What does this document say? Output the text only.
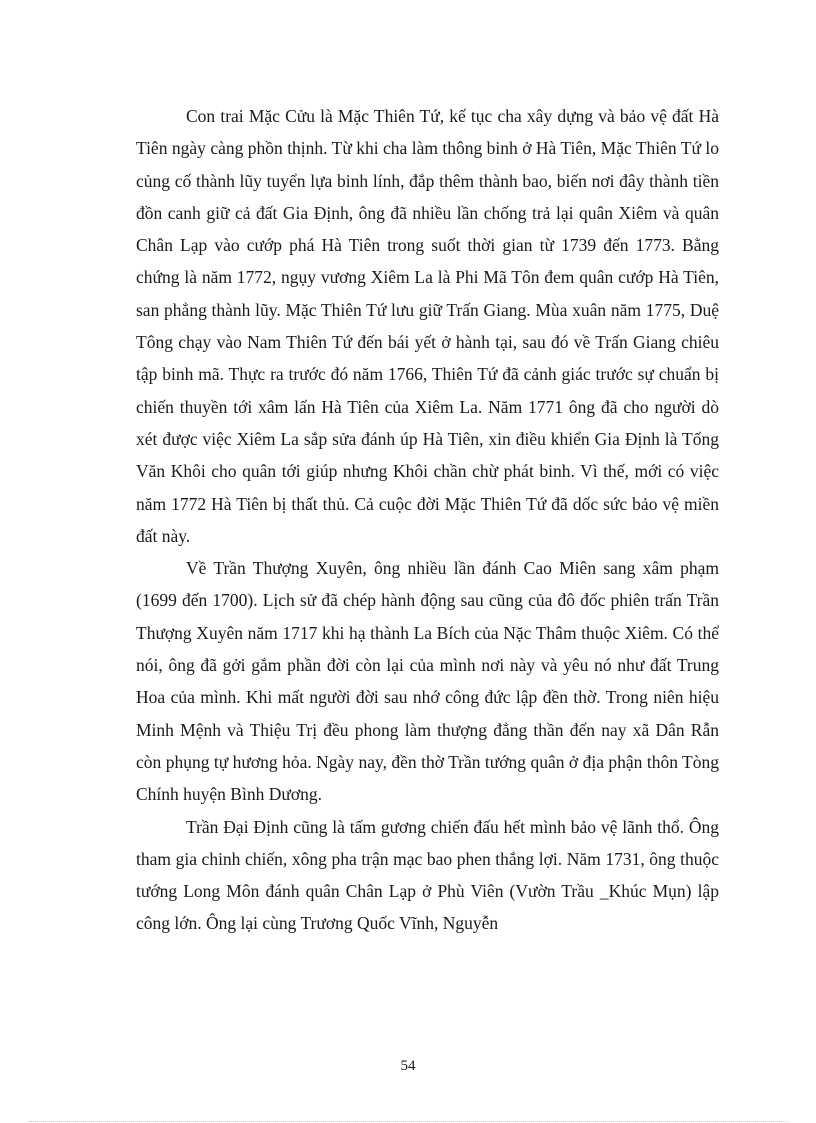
Con trai Mặc Cửu là Mặc Thiên Tứ, kế tục cha xây dựng và bảo vệ đất Hà Tiên ngày càng phồn thịnh. Từ khi cha làm thông binh ở Hà Tiên, Mặc Thiên Tứ lo củng cố thành lũy tuyển lựa binh lính, đắp thêm thành bao, biến nơi đây thành tiền đồn canh giữ cả đất Gia Định, ông đã nhiều lần chống trả lại quân Xiêm và quân Chân Lạp vào cướp phá Hà Tiên trong suốt thời gian từ 1739 đến 1773. Bằng chứng là năm 1772, ngụy vương Xiêm La là Phi Mã Tôn đem quân cướp Hà Tiên, san phẳng thành lũy. Mặc Thiên Tứ lưu giữ Trấn Giang. Mùa xuân năm 1775, Duệ Tông chạy vào Nam Thiên Tứ đến bái yết ở hành tại, sau đó về Trấn Giang chiêu tập binh mã. Thực ra trước đó năm 1766, Thiên Tứ đã cảnh giác trước sự chuẩn bị chiến thuyền tới xâm lấn Hà Tiên của Xiêm La. Năm 1771 ông đã cho người dò xét được việc Xiêm La sắp sửa đánh úp Hà Tiên, xin điều khiển Gia Định là Tống Văn Khôi cho quân tới giúp nhưng Khôi chần chừ phát binh. Vì thế, mới có việc năm 1772 Hà Tiên bị thất thủ. Cả cuộc đời Mặc Thiên Tứ đã dốc sức bảo vệ miền đất này.

Về Trần Thượng Xuyên, ông nhiều lần đánh Cao Miên sang xâm phạm (1699 đến 1700). Lịch sử đã chép hành động sau cũng của đô đốc phiên trấn Trần Thượng Xuyên năm 1717 khi hạ thành La Bích của Nặc Thâm thuộc Xiêm. Có thể nói, ông đã gởi gắm phần đời còn lại của mình nơi này và yêu nó như đất Trung Hoa của mình. Khi mất người đời sau nhớ công đức lập đền thờ. Trong niên hiệu Minh Mệnh và Thiệu Trị đều phong làm thượng đẳng thần đến nay xã Dân Rẫn còn phụng tự hương hỏa. Ngày nay, đền thờ Trần tướng quân ở địa phận thôn Tòng Chính huyện Bình Dương.

Trần Đại Định cũng là tấm gương chiến đấu hết mình bảo vệ lãnh thổ. Ông tham gia chinh chiến, xông pha trận mạc bao phen thắng lợi. Năm 1731, ông thuộc tướng Long Môn đánh quân Chân Lạp ở Phù Viên (Vườn Trầu _Khúc Mụn) lập công lớn. Ông lại cùng Trương Quốc Vĩnh, Nguyễn

54
